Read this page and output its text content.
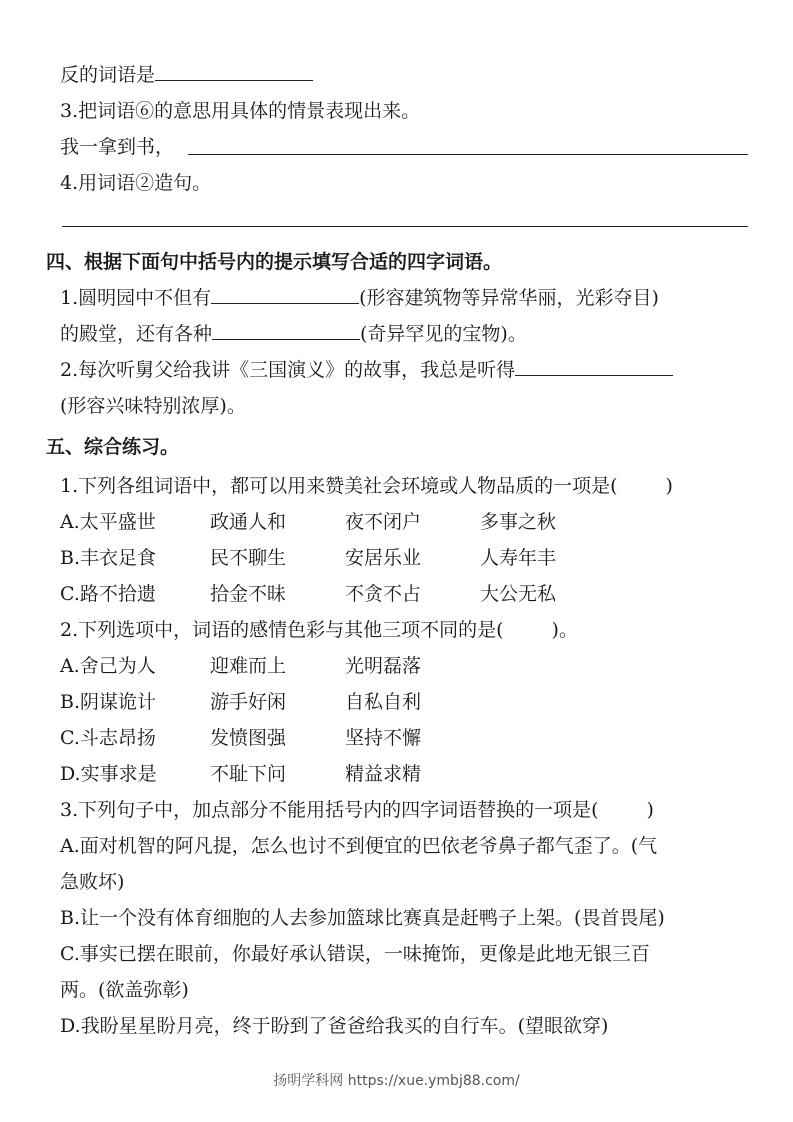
反的词语是
3.把词语⑥的意思用具体的情景表现出来。
我一拿到书，
4.用词语②造句。
四、根据下面句中括号内的提示填写合适的四字词语。
1.圆明园中不但有	(形容建筑物等异常华丽，光彩夺目)
的殿堂，还有各种	(奇异罕见的宝物)。
2.每次听舅父给我讲《三国演义》的故事，我总是听得
(形容兴味特别浓厚)。
五、综合练习。
1.下列各组词语中，都可以用来赞美社会环境或人物品质的一项是(	)
A.太平盛世	政通人和	夜不闭户	多事之秋
B.丰衣足食	民不聊生	安居乐业	人寿年丰
C.路不拾遗	拾金不昧	不贪不占	大公无私
2.下列选项中，词语的感情色彩与其他三项不同的是(	)。
A.舍己为人	迎难而上	光明磊落
B.阴谋诡计	游手好闲	自私自利
C.斗志昂扬	发愤图强	坚持不懈
D.实事求是	不耻下问	精益求精
3.下列句子中，加点部分不能用括号内的四字词语替换的一项是(	)
A.面对机智的阿凡提，怎么也讨不到便宜的巴依老爷鼻子都气歪了。(气
急败坏)
B.让一个没有体育细胞的人去参加篮球比赛真是赶鸭子上架。(畏首畏尾)
C.事实已摆在眼前，你最好承认错误，一味掩饰，更像是此地无银三百
两。(欲盖弥彰)
D.我盼星星盼月亮，终于盼到了爸爸给我买的自行车。(望眼欲穿)
扬明学科网 https://xue.ymbj88.com/
